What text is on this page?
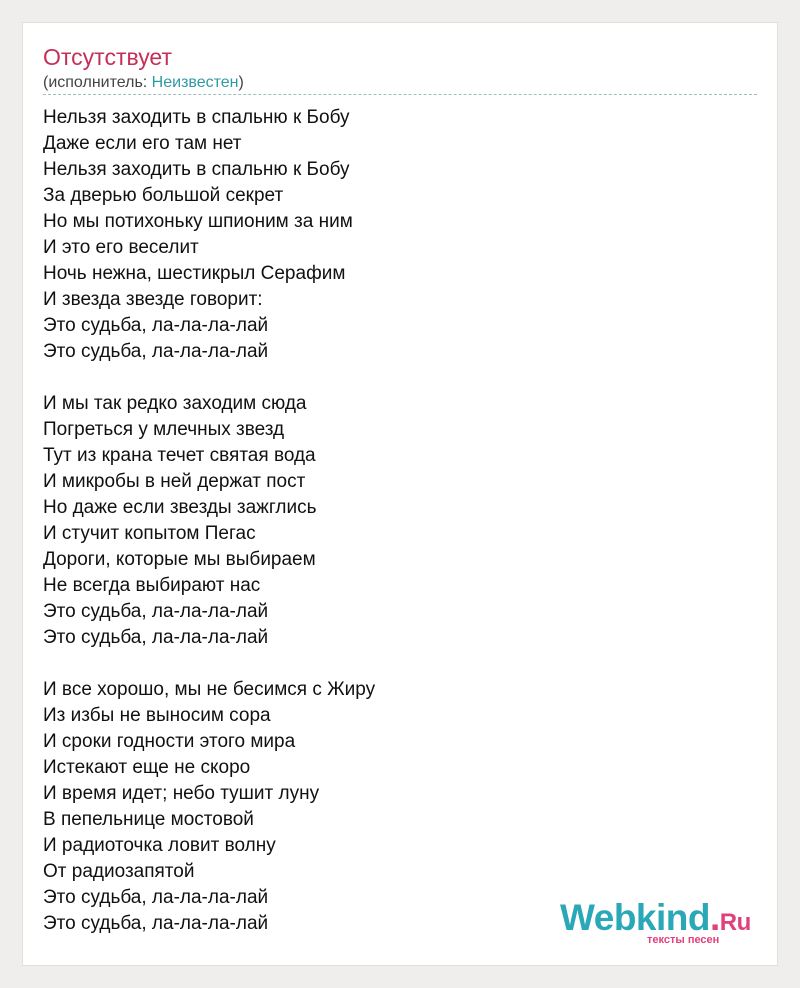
Отсутствует
(исполнитель: Неизвестен)
Нельзя заходить в спальню к Бобу
Даже если его там нет
Нельзя заходить в спальню к Бобу
За дверью большой секрет
Но мы потихоньку шпионим за ним
И это его веселит
Ночь нежна, шестикрыл Серафим
И звезда звезде говорит:
Это судьба, ла-ла-ла-лай
Это судьба, ла-ла-ла-лай
И мы так редко заходим сюда
Погреться у млечных звезд
Тут из крана течет святая вода
И микробы в ней держат пост
Но даже если звезды зажглись
И стучит копытом Пегас
Дороги, которые мы выбираем
Не всегда выбирают нас
Это судьба, ла-ла-ла-лай
Это судьба, ла-ла-ла-лай
И все хорошо, мы не бесимся с Жиру
Из избы не выносим сора
И сроки годности этого мира
Истекают еще не скоро
И время идет; небо тушит луну
В пепельнице мостовой
И радиоточка ловит волну
От радиозапятой
Это судьба, ла-ла-ла-лай
Это судьба, ла-ла-ла-лай	Webkind.Ru
тексты песен
